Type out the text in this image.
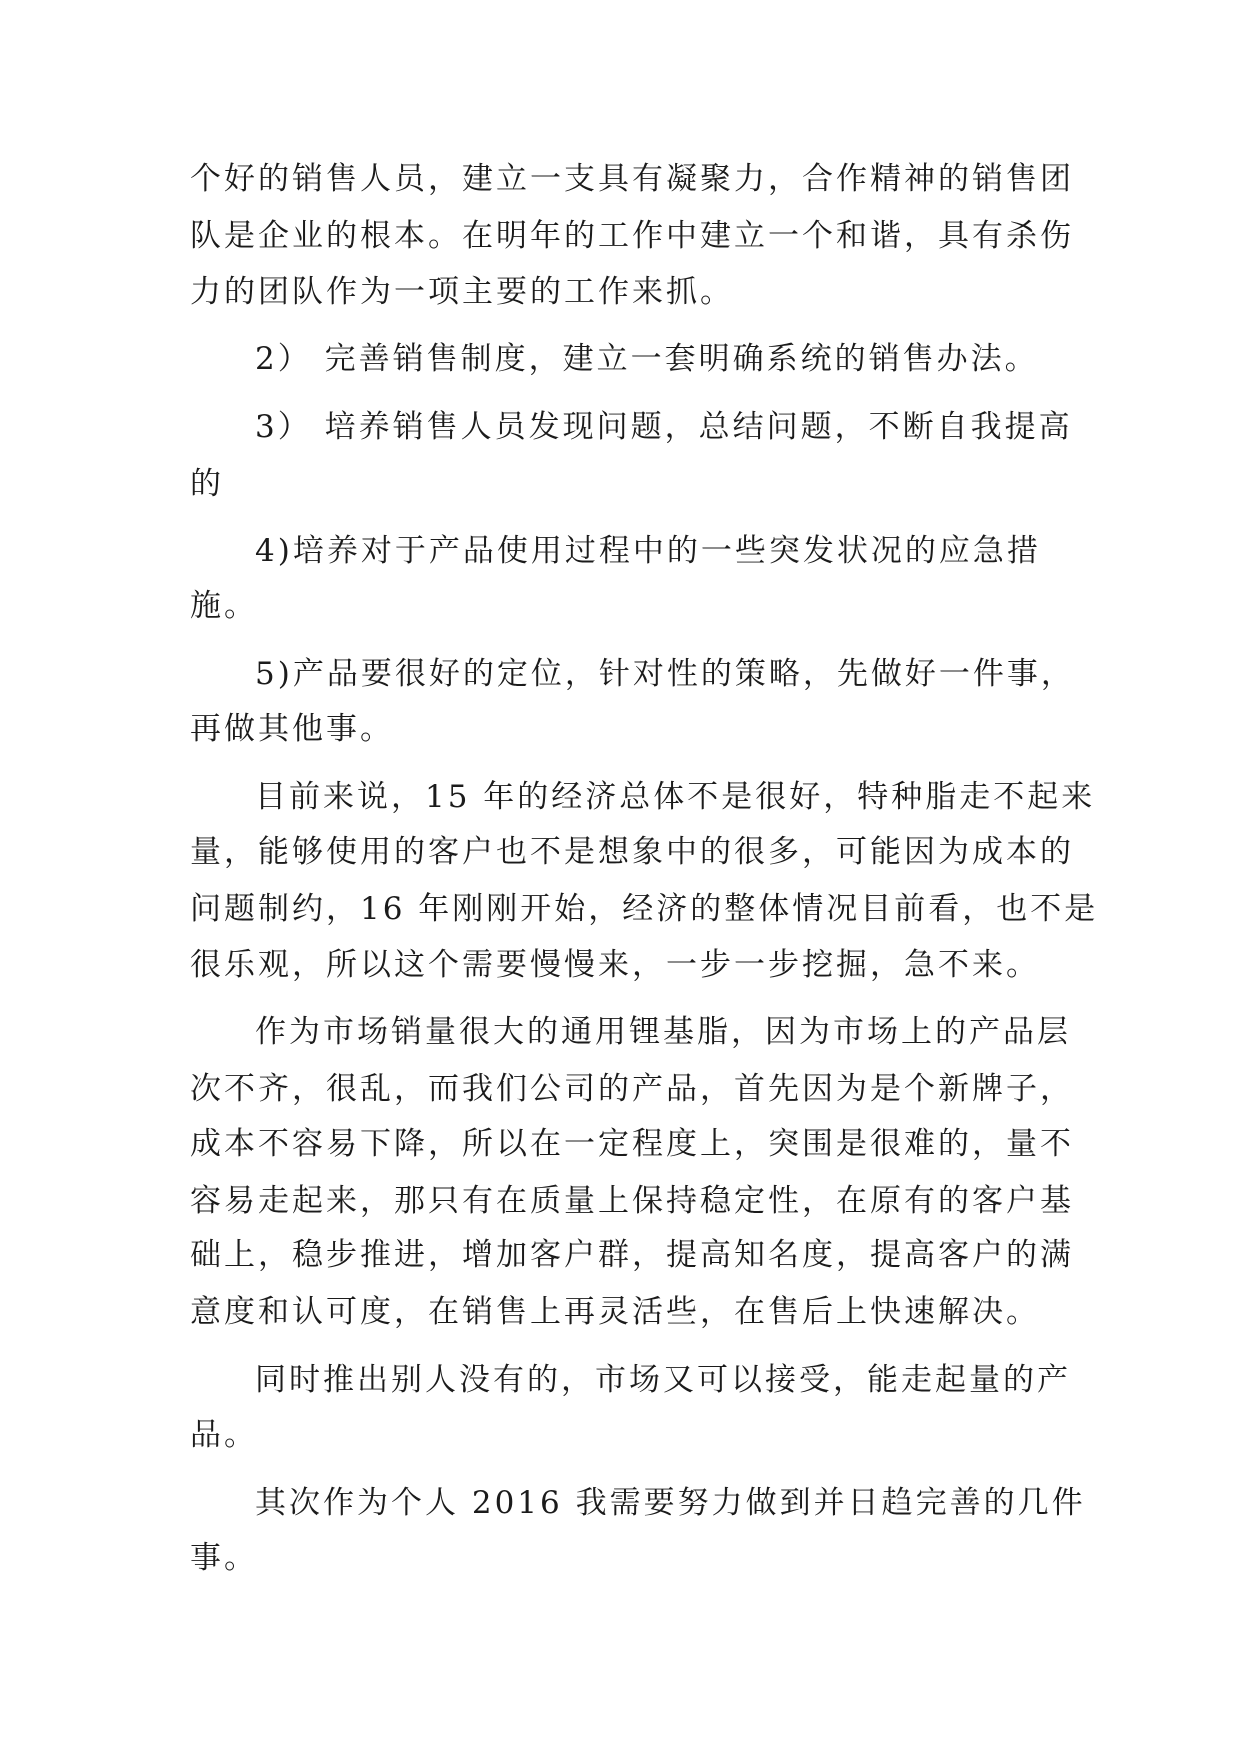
个好的销售人员，建立一支具有凝聚力，合作精神的销售团
队是企业的根本。在明年的工作中建立一个和谐，具有杀伤
力的团队作为一项主要的工作来抓。
2） 完善销售制度，建立一套明确系统的销售办法。
3） 培养销售人员发现问题，总结问题，不断自我提高
的
4)培养对于产品使用过程中的一些突发状况的应急措
施。
5)产品要很好的定位，针对性的策略，先做好一件事，
再做其他事。
目前来说，15 年的经济总体不是很好，特种脂走不起来
量，能够使用的客户也不是想象中的很多，可能因为成本的
问题制约，16 年刚刚开始，经济的整体情况目前看，也不是
很乐观，所以这个需要慢慢来，一步一步挖掘，急不来。
作为市场销量很大的通用锂基脂，因为市场上的产品层
次不齐，很乱，而我们公司的产品，首先因为是个新牌子，
成本不容易下降，所以在一定程度上，突围是很难的，量不
容易走起来，那只有在质量上保持稳定性，在原有的客户基
础上，稳步推进，增加客户群，提高知名度，提高客户的满
意度和认可度，在销售上再灵活些，在售后上快速解决。
同时推出别人没有的，市场又可以接受，能走起量的产
品。
其次作为个人 2016 我需要努力做到并日趋完善的几件
事。
